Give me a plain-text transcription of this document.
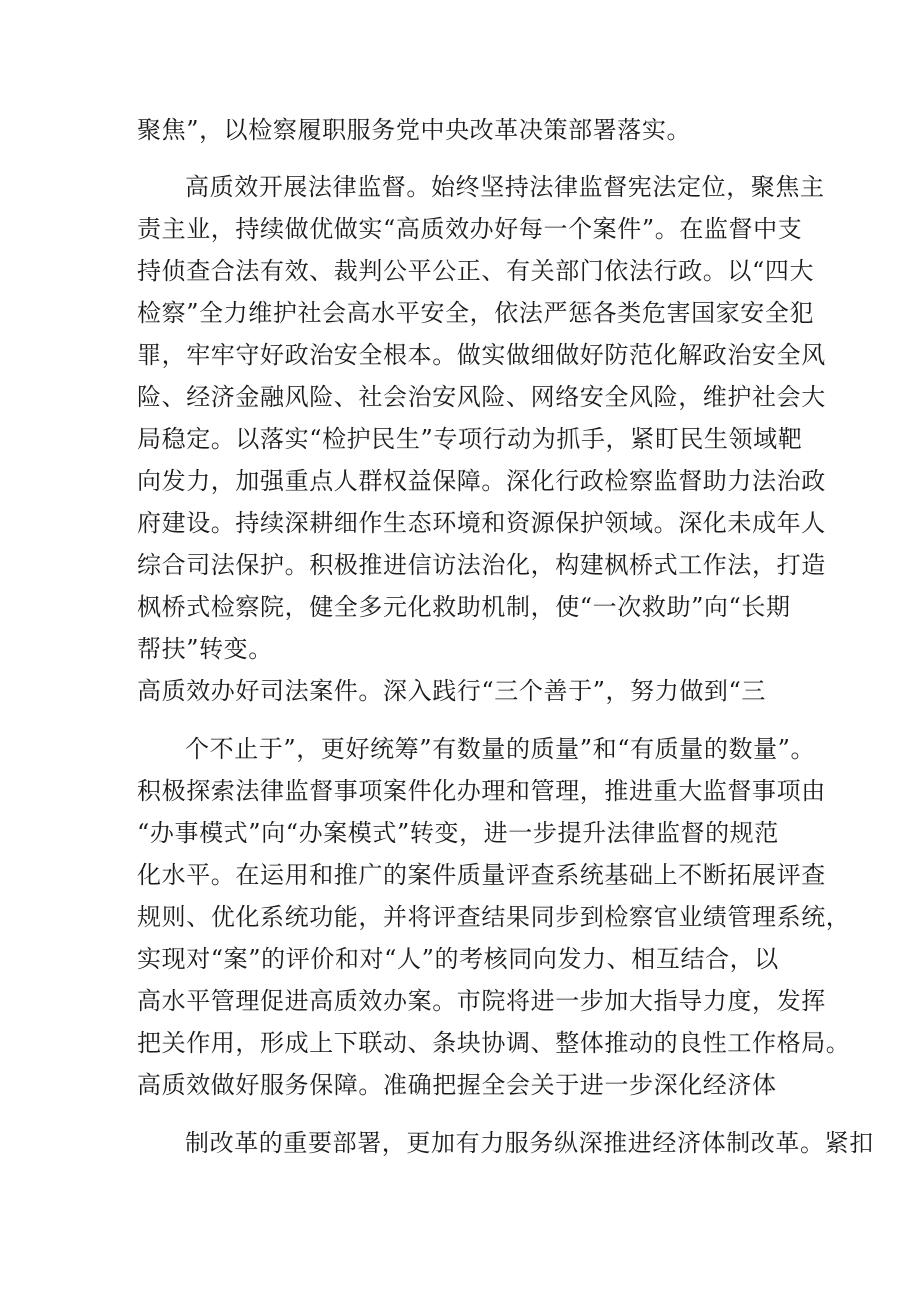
聚焦”，以检察履职服务党中央改革决策部署落实。
高质效开展法律监督。始终坚持法律监督宪法定位，聚焦主
责主业，持续做优做实“高质效办好每一个案件”。在监督中支
持侦查合法有效、裁判公平公正、有关部门依法行政。以“四大
检察”全力维护社会高水平安全，依法严惩各类危害国家安全犯
罪，牢牢守好政治安全根本。做实做细做好防范化解政治安全风
险、经济金融风险、社会治安风险、网络安全风险，维护社会大
局稳定。以落实“检护民生”专项行动为抓手，紧盯民生领域靶
向发力，加强重点人群权益保障。深化行政检察监督助力法治政
府建设。持续深耕细作生态环境和资源保护领域。深化未成年人
综合司法保护。积极推进信访法治化，构建枫桥式工作法，打造
枫桥式检察院，健全多元化救助机制，使“一次救助”向“长期
帮扶”转变。
高质效办好司法案件。深入践行“三个善于”，努力做到“三
个不止于”，更好统筹”有数量的质量”和“有质量的数量”。
积极探索法律监督事项案件化办理和管理，推进重大监督事项由
“办事模式”向“办案模式”转变，进一步提升法律监督的规范
化水平。在运用和推广的案件质量评查系统基础上不断拓展评查
规则、优化系统功能，并将评查结果同步到检察官业绩管理系统，
实现对“案”的评价和对“人”的考核同向发力、相互结合，以
高水平管理促进高质效办案。市院将进一步加大指导力度，发挥
把关作用，形成上下联动、条块协调、整体推动的良性工作格局。
高质效做好服务保障。准确把握全会关于进一步深化经济体
制改革的重要部署，更加有力服务纵深推进经济体制改革。紧扣
